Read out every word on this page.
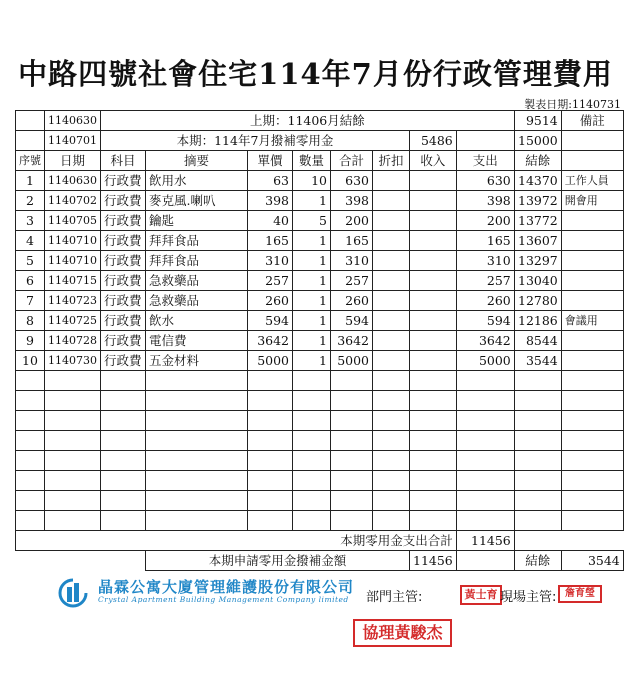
中路四號社會住宅114年7月份行政管理費用
製表日期:1140731
	1140630	上期：11406月結餘								9514	備註
	1140701	本期：114年7月撥補零用金						5486		15000	
序號	日期	科目	摘要	單價	數量	合計	折扣	收入	支出	結餘	
1	1140630	行政費	飲用水	63	10	630			630	14370	工作人員
2	1140702	行政費	麥克風.喇叭	398	1	398			398	13972	開會用
3	1140705	行政費	鑰匙	40	5	200			200	13772	
4	1140710	行政費	拜拜食品	165	1	165			165	13607	
5	1140710	行政費	拜拜食品	310	1	310			310	13297	
6	1140715	行政費	急救藥品	257	1	257			257	13040	
7	1140723	行政費	急救藥品	260	1	260			260	12780	
8	1140725	行政費	飲水	594	1	594			594	12186	會議用
9	1140728	行政費	電信費	3642	1	3642			3642	8544	
10	1140730	行政費	五金材料	5000	1	5000			5000	3544	

本期零用金支出合計									11456		
			本期申請零用金撥補金額					11456		結餘	3544
晶霖公寓大廈管理維護股份有限公司
Crystal Apartment Building Management Company limited 部門主管:	黃士育 現場主管: 詹育瑩
協理黃駿杰
